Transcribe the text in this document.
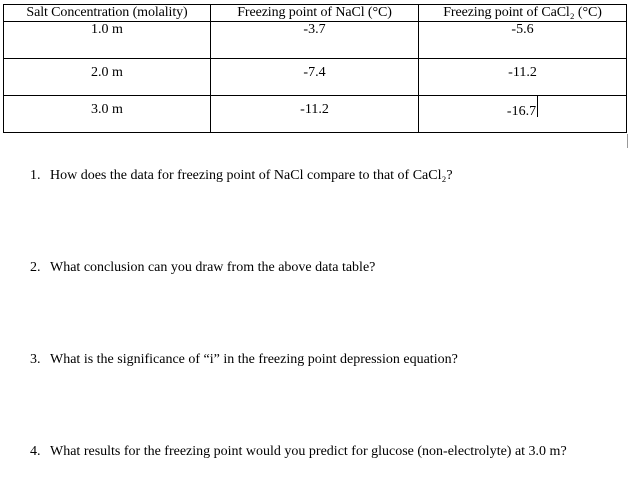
Salt Concentration (molality)	Freezing point of NaCl (°C)	Freezing point of CaCl₂ (°C)
1.0 m	-3.7	-5.6
2.0 m	-7.4	-11.2
3.0 m	-11.2	-16.7
1. How does the data for freezing point of NaCl compare to that of CaCl₂?
2. What conclusion can you draw from the above data table?
3. What is the significance of “i” in the freezing point depression equation?
4. What results for the freezing point would you predict for glucose (non-electrolyte) at 3.0 m?
